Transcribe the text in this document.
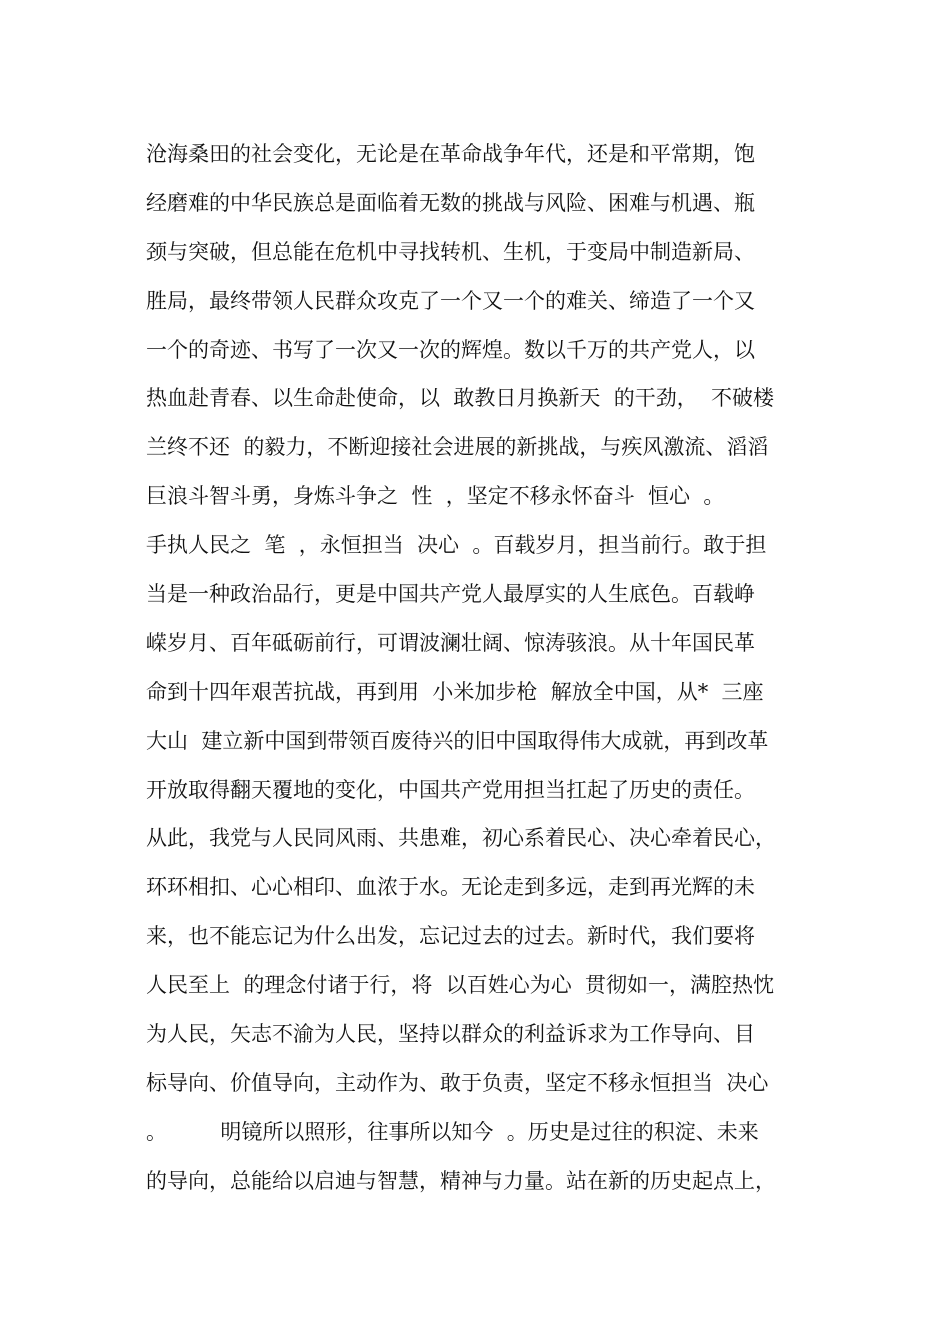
沧海桑田的社会变化，无论是在革命战争年代，还是和平常期，饱
经磨难的中华民族总是面临着无数的挑战与风险、困难与机遇、瓶
颈与突破，但总能在危机中寻找转机、生机，于变局中制造新局、
胜局，最终带领人民群众攻克了一个又一个的难关、缔造了一个又
一个的奇迹、书写了一次又一次的辉煌。数以千万的共产党人，以
热血赴青春、以生命赴使命，以  敢教日月换新天  的干劲，  不破楼
兰终不还  的毅力，不断迎接社会进展的新挑战，与疾风激流、滔滔
巨浪斗智斗勇，身炼斗争之  性  ，坚定不移永怀奋斗  恒心  。
手执人民之  笔  ，永恒担当  决心  。百载岁月，担当前行。敢于担
当是一种政治品行，更是中国共产党人最厚实的人生底色。百载峥
嵘岁月、百年砥砺前行，可谓波澜壮阔、惊涛骇浪。从十年国民革
命到十四年艰苦抗战，再到用  小米加步枪  解放全中国，从*  三座
大山  建立新中国到带领百废待兴的旧中国取得伟大成就，再到改革
开放取得翻天覆地的变化，中国共产党用担当扛起了历史的责任。
从此，我党与人民同风雨、共患难，初心系着民心、决心牵着民心，
环环相扣、心心相印、血浓于水。无论走到多远，走到再光辉的未
来，也不能忘记为什么出发，忘记过去的过去。新时代，我们要将
人民至上  的理念付诸于行，将  以百姓心为心  贯彻如一，满腔热忱
为人民，矢志不渝为人民，坚持以群众的利益诉求为工作导向、目
标导向、价值导向，主动作为、敢于负责，坚定不移永恒担当  决心
。        明镜所以照形，往事所以知今  。历史是过往的积淀、未来
的导向，总能给以启迪与智慧，精神与力量。站在新的历史起点上，
